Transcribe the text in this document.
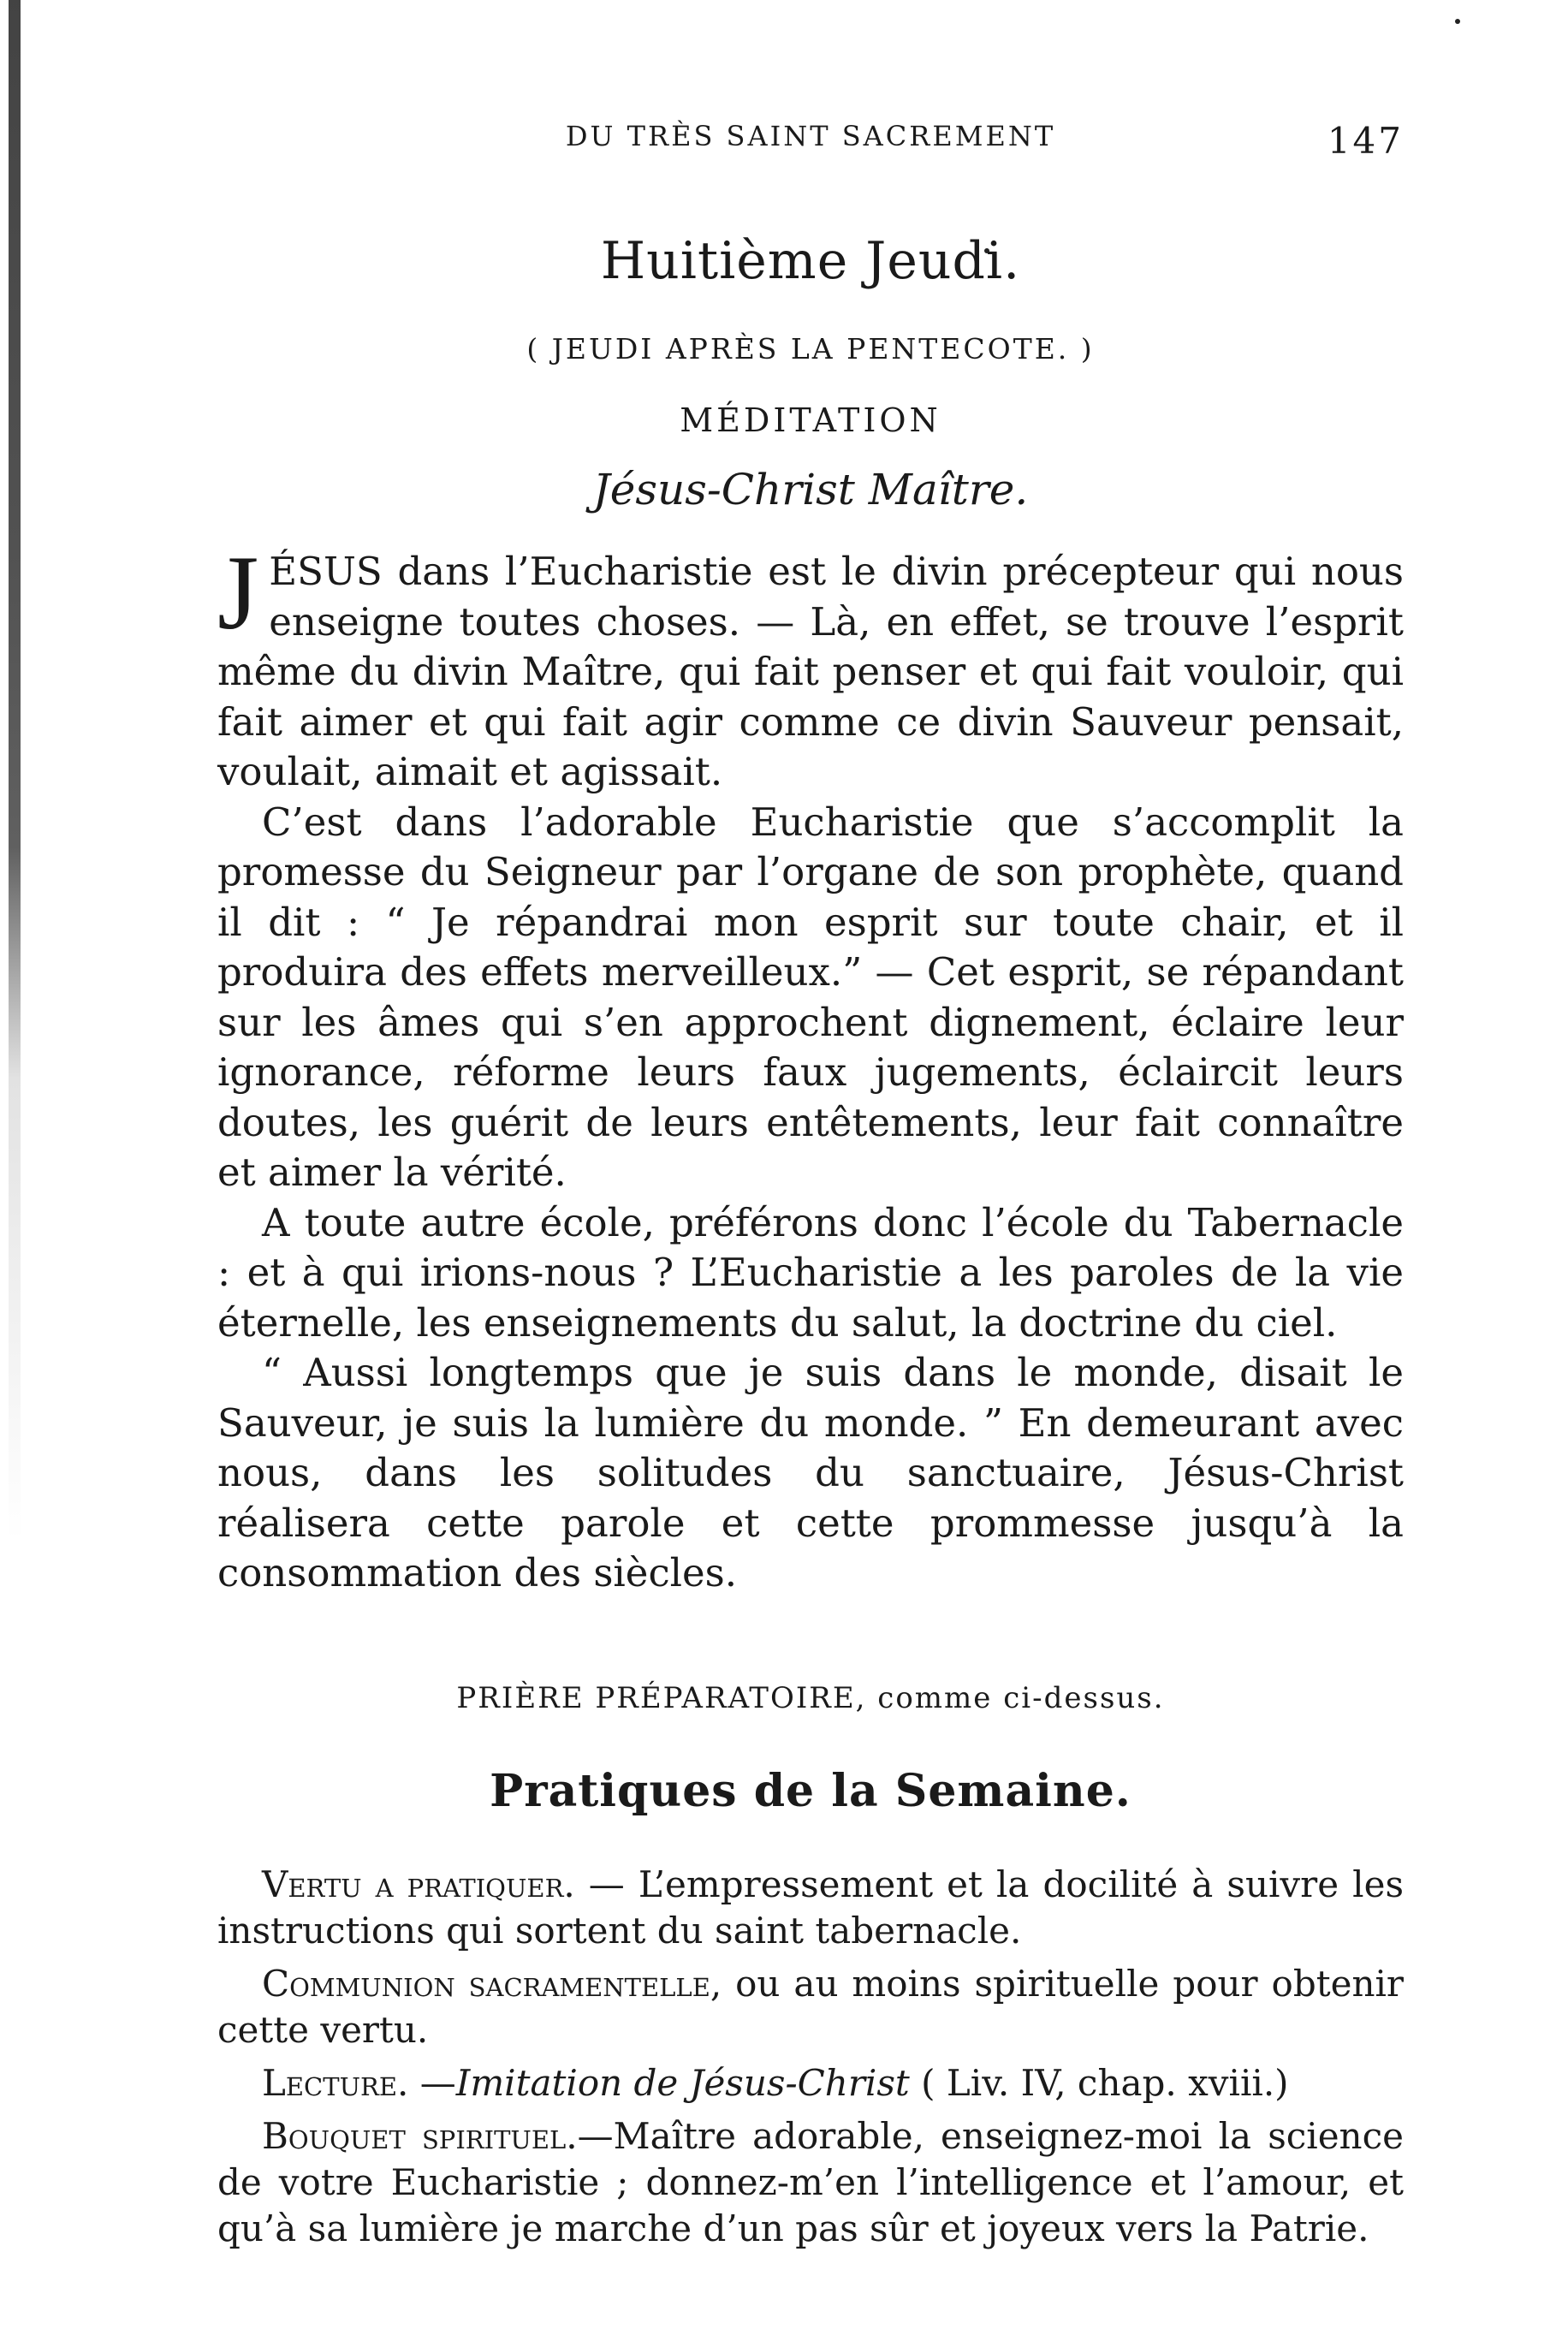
DU TRÈS SAINT SACREMENT	147
Huitième Jeudi.
( JEUDI APRÈS LA PENTECOTE. )
MÉDITATION
Jésus-Christ Maître.

JÉSUS dans l’Eucharistie est le divin précepteur qui nous enseigne toutes choses. — Là, en effet, se trouve l’esprit même du divin Maître, qui fait penser et qui fait vouloir, qui fait aimer et qui fait agir comme ce divin Sauveur pensait, voulait, aimait et agissait.

C’est dans l’adorable Eucharistie que s’accomplit la promesse du Seigneur par l’organe de son prophète, quand il dit : “ Je répandrai mon esprit sur toute chair, et il produira des effets merveilleux.” — Cet esprit, se répandant sur les âmes qui s’en approchent dignement, éclaire leur ignorance, réforme leurs faux jugements, éclaircit leurs doutes, les guérit de leurs entêtements, leur fait connaître et aimer la vérité.

A toute autre école, préférons donc l’école du Tabernacle : et à qui irions-nous ? L’Eucharistie a les paroles de la vie éternelle, les enseignements du salut, la doctrine du ciel.

“ Aussi longtemps que je suis dans le monde, disait le Sauveur, je suis la lumière du monde. ” En demeurant avec nous, dans les solitudes du sanctuaire, Jésus-Christ réalisera cette parole et cette prommesse jusqu’à la consommation des siècles.

PRIÈRE PRÉPARATOIRE, comme ci-dessus.
Pratiques de la Semaine.

Vertu a pratiquer. — L’empressement et la docilité à suivre les instructions qui sortent du saint tabernacle.

Communion sacramentelle, ou au moins spirituelle pour obtenir cette vertu.

Lecture. —Imitation de Jésus-Christ ( Liv. IV, chap. xviii.)

Bouquet spirituel.—Maître adorable, enseignez-moi la science de votre Eucharistie ; donnez-m’en l’intelligence et l’amour, et qu’à sa lumière je marche d’un pas sûr et joyeux vers la Patrie.
